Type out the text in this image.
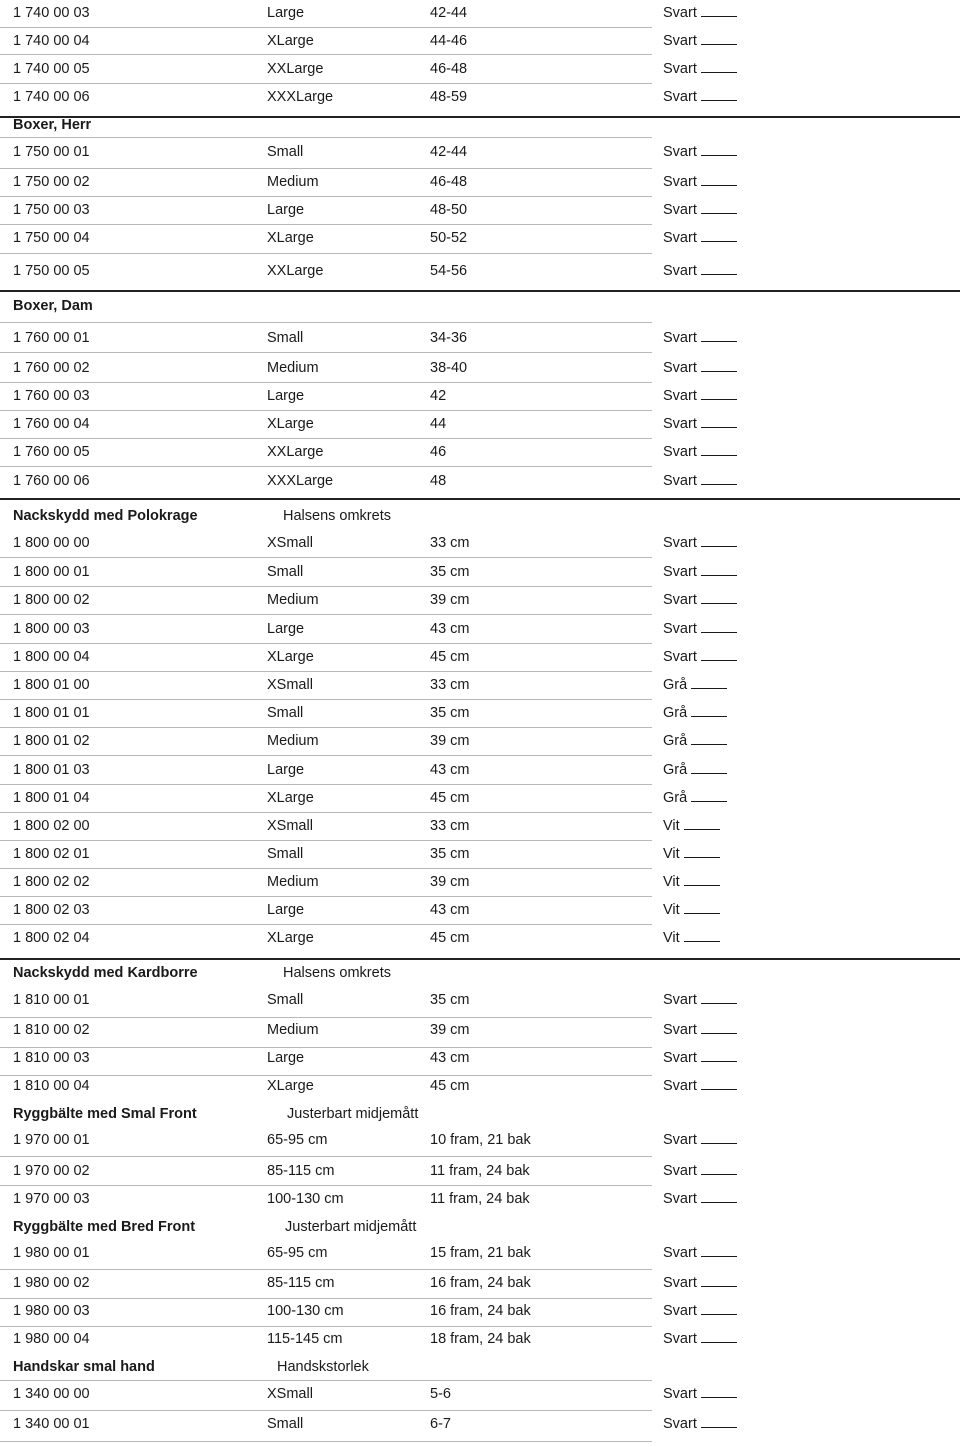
1 740 00 03	Large	42-44	Svart
1 740 00 04	XLarge	44-46	Svart
1 740 00 05	XXLarge	46-48	Svart
1 740 00 06	XXXLarge	48-59	Svart
Boxer, Herr
1 750 00 01	Small	42-44	Svart
1 750 00 02	Medium	46-48	Svart
1 750 00 03	Large	48-50	Svart
1 750 00 04	XLarge	50-52	Svart
1 750 00 05	XXLarge	54-56	Svart
Boxer, Dam
1 760 00 01	Small	34-36	Svart
1 760 00 02	Medium	38-40	Svart
1 760 00 03	Large	42	Svart
1 760 00 04	XLarge	44	Svart
1 760 00 05	XXLarge	46	Svart
1 760 00 06	XXXLarge	48	Svart
Nackskydd med Polokrage	Halsens omkrets
1 800 00 00	XSmall	33 cm	Svart
1 800 00 01	Small	35 cm	Svart
1 800 00 02	Medium	39 cm	Svart
1 800 00 03	Large	43 cm	Svart
1 800 00 04	XLarge	45 cm	Svart
1 800 01 00	XSmall	33 cm	Grå
1 800 01 01	Small	35 cm	Grå
1 800 01 02	Medium	39 cm	Grå
1 800 01 03	Large	43 cm	Grå
1 800 01 04	XLarge	45 cm	Grå
1 800 02 00	XSmall	33 cm	Vit
1 800 02 01	Small	35 cm	Vit
1 800 02 02	Medium	39 cm	Vit
1 800 02 03	Large	43 cm	Vit
1 800 02 04	XLarge	45 cm	Vit
Nackskydd med Kardborre	Halsens omkrets
1 810 00 01	Small	35 cm	Svart
1 810 00 02	Medium	39 cm	Svart
1 810 00 03	Large	43 cm	Svart
1 810 00 04	XLarge	45 cm	Svart
Ryggbälte med Smal Front	Justerbart midjemått
1 970 00 01	65-95 cm	10 fram, 21 bak	Svart
1 970 00 02	85-115 cm	11 fram, 24 bak	Svart
1 970 00 03	100-130 cm	11 fram, 24 bak	Svart
Ryggbälte med Bred Front	Justerbart midjemått
1 980 00 01	65-95 cm	15 fram, 21 bak	Svart
1 980 00 02	85-115 cm	16 fram, 24 bak	Svart
1 980 00 03	100-130 cm	16 fram, 24 bak	Svart
1 980 00 04	115-145 cm	18 fram, 24 bak	Svart
Handskar smal hand	Handskstorlek
1 340 00 00	XSmall	5-6	Svart
1 340 00 01	Small	6-7	Svart
